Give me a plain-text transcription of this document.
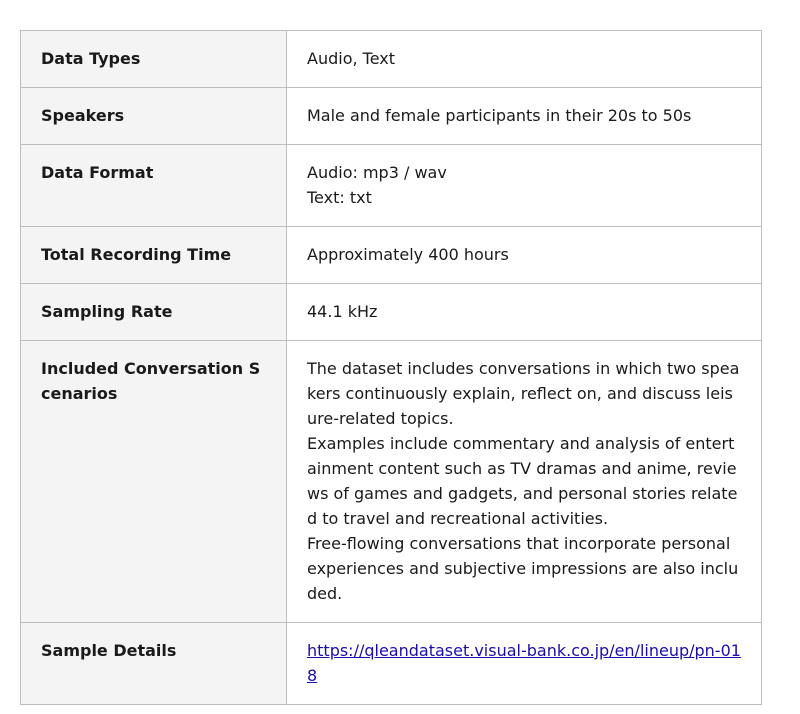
Data Types	Audio, Text

Speakers	Male and female participants in their 20s to 50s

Data Format	Audio: mp3 / wav
Text: txt

Total Recording Time	Approximately 400 hours

Sampling Rate	44.1 kHz

Included Conversation Scenarios	The dataset includes conversations in which two speakers continuously explain, reflect on, and discuss leisure-related topics.
Examples include commentary and analysis of entertainment content such as TV dramas and anime, reviews of games and gadgets, and personal stories related to travel and recreational activities.
Free-flowing conversations that incorporate personal experiences and subjective impressions are also included.

Sample Details	https://qleandataset.visual-bank.co.jp/en/lineup/pn-018
